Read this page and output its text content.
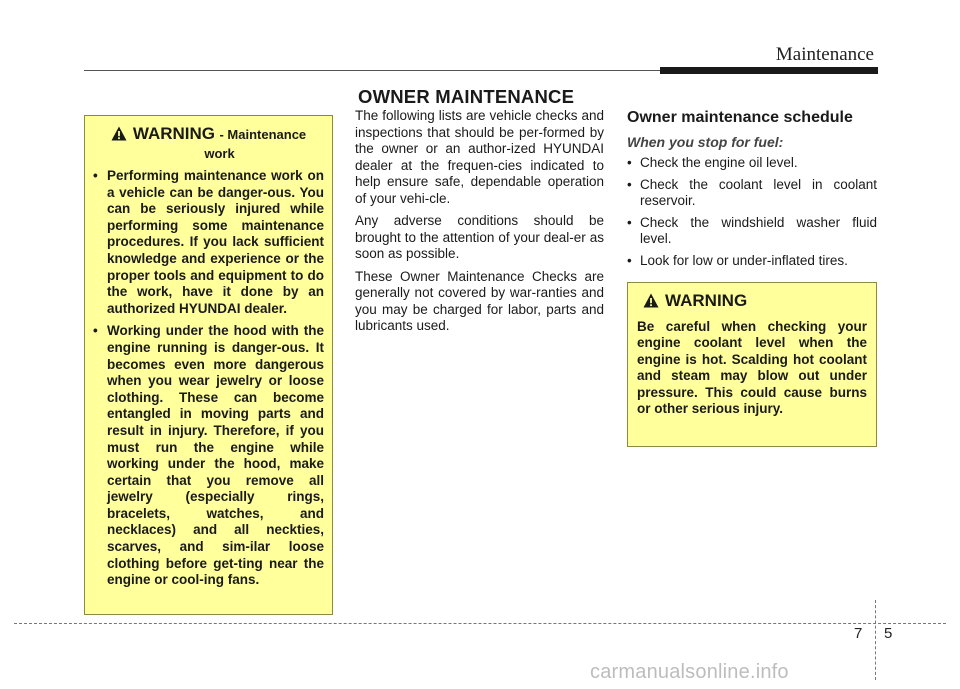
Maintenance
OWNER MAINTENANCE
WARNING - Maintenance
work
• Performing maintenance work on a vehicle can be danger-ous. You can be seriously injured while performing some maintenance procedures. If you lack sufficient knowledge and experience or the proper tools and equipment to do the work, have it done by an authorized HYUNDAI dealer.
• Working under the hood with the engine running is danger-ous. It becomes even more dangerous when you wear jewelry or loose clothing. These can become entangled in moving parts and result in injury. Therefore, if you must run the engine while working under the hood, make certain that you remove all jewelry (especially rings, bracelets, watches, and necklaces) and all neckties, scarves, and sim-ilar loose clothing before get-ting near the engine or cool-ing fans.

The following lists are vehicle checks and inspections that should be per-formed by the owner or an author-ized HYUNDAI dealer at the frequen-cies indicated to help ensure safe, dependable operation of your vehi-cle.

Any adverse conditions should be brought to the attention of your deal-er as soon as possible.

These Owner Maintenance Checks are generally not covered by war-ranties and you may be charged for labor, parts and lubricants used.

Owner maintenance schedule
When you stop for fuel:
• Check the engine oil level.
• Check the coolant level in coolant reservoir.
• Check the windshield washer fluid level.
• Look for low or under-inflated tires.
WARNING
Be careful when checking your engine coolant level when the engine is hot. Scalding hot coolant and steam may blow out under pressure. This could cause burns or other serious injury.
7 5
carmanualsonline.info
